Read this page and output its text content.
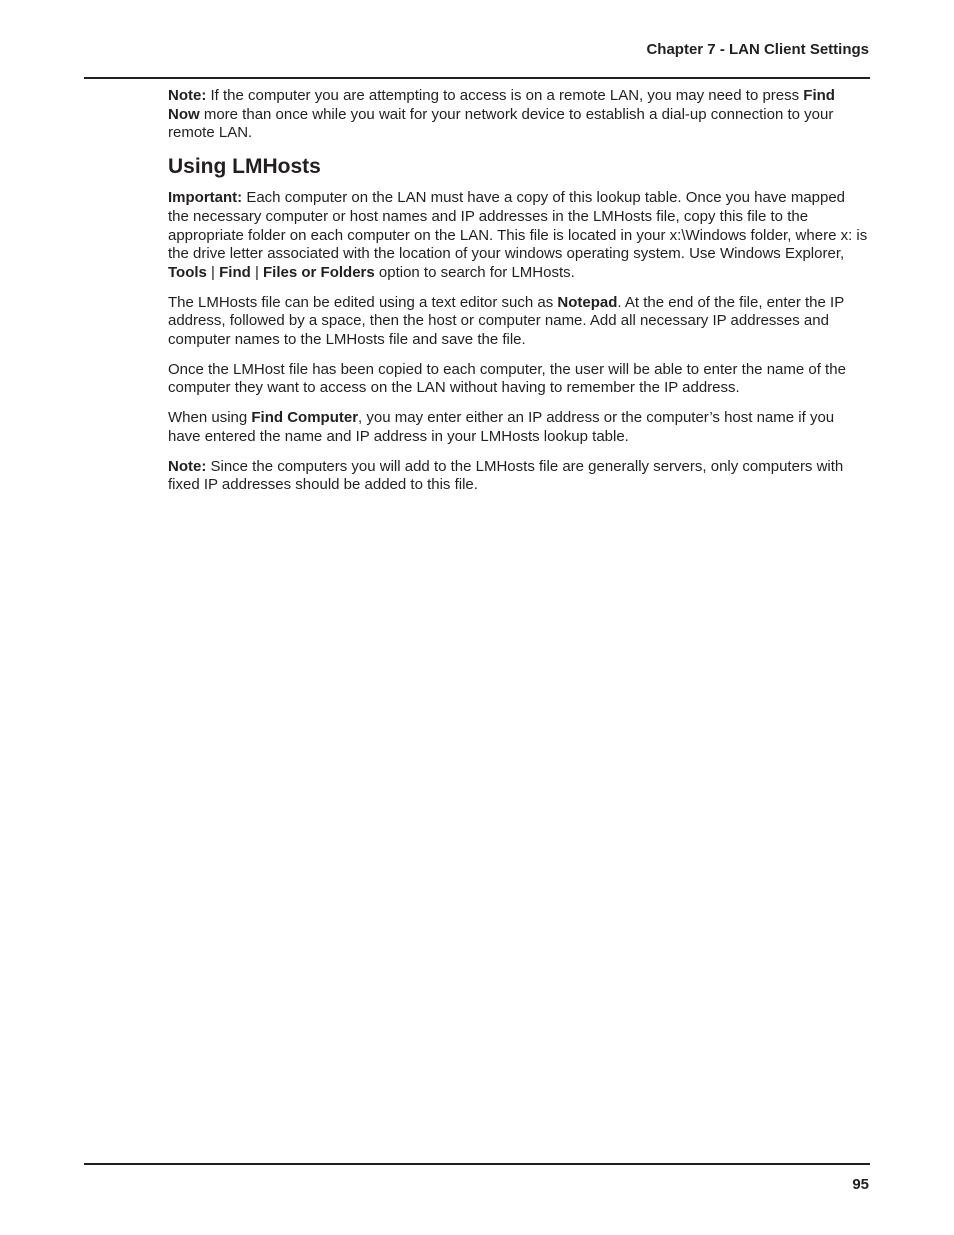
Chapter 7 - LAN Client Settings

Note: If the computer you are attempting to access is on a remote LAN, you may need to press Find Now more than once while you wait for your network device to establish a dial-up connection to your remote LAN.

Using LMHosts

Important: Each computer on the LAN must have a copy of this lookup table. Once you have mapped the necessary computer or host names and IP addresses in the LMHosts file, copy this file to the appropriate folder on each computer on the LAN. This file is located in your x:\Windows folder, where x: is the drive letter associated with the location of your windows operating system. Use Windows Explorer, Tools | Find | Files or Folders option to search for LMHosts.

The LMHosts file can be edited using a text editor such as Notepad. At the end of the file, enter the IP address, followed by a space, then the host or computer name. Add all necessary IP addresses and computer names to the LMHosts file and save the file.

Once the LMHost file has been copied to each computer, the user will be able to enter the name of the computer they want to access on the LAN without having to remember the IP address.

When using Find Computer, you may enter either an IP address or the computer’s host name if you have entered the name and IP address in your LMHosts lookup table.

Note: Since the computers you will add to the LMHosts file are generally servers, only computers with fixed IP addresses should be added to this file.

95
